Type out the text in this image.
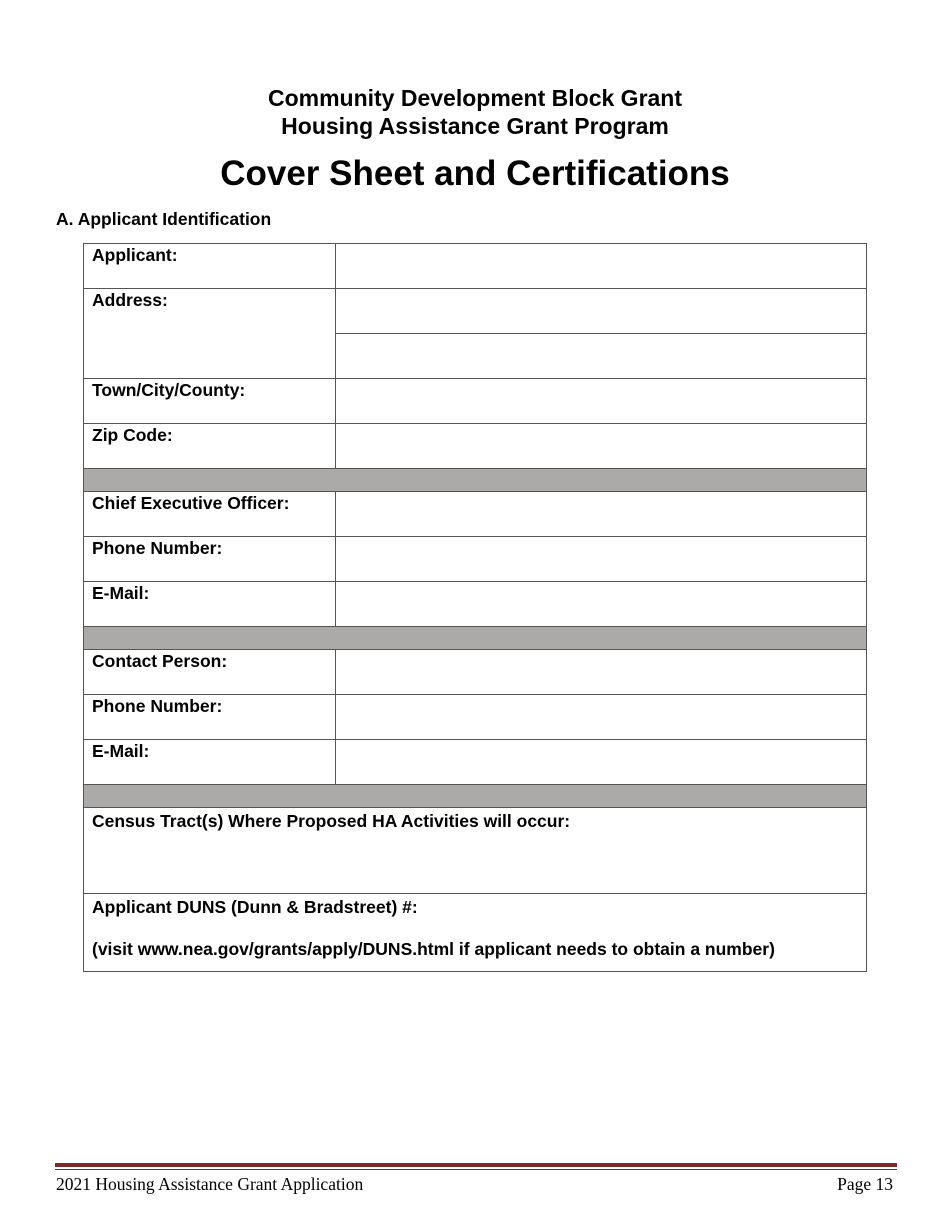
Community Development Block Grant
Housing Assistance Grant Program
Cover Sheet and Certifications
A. Applicant Identification
Applicant:	
Address:	

Town/City/County:	
Zip Code:	

Chief Executive Officer:	
Phone Number:	
E-Mail:	

Contact Person:	
Phone Number:	
E-Mail:	

Census Tract(s) Where Proposed HA Activities will occur:	
Applicant DUNS (Dunn & Bradstreet) #:
(visit www.nea.gov/grants/apply/DUNS.html if applicant needs to obtain a number)	
2021 Housing Assistance Grant Application	Page 13
